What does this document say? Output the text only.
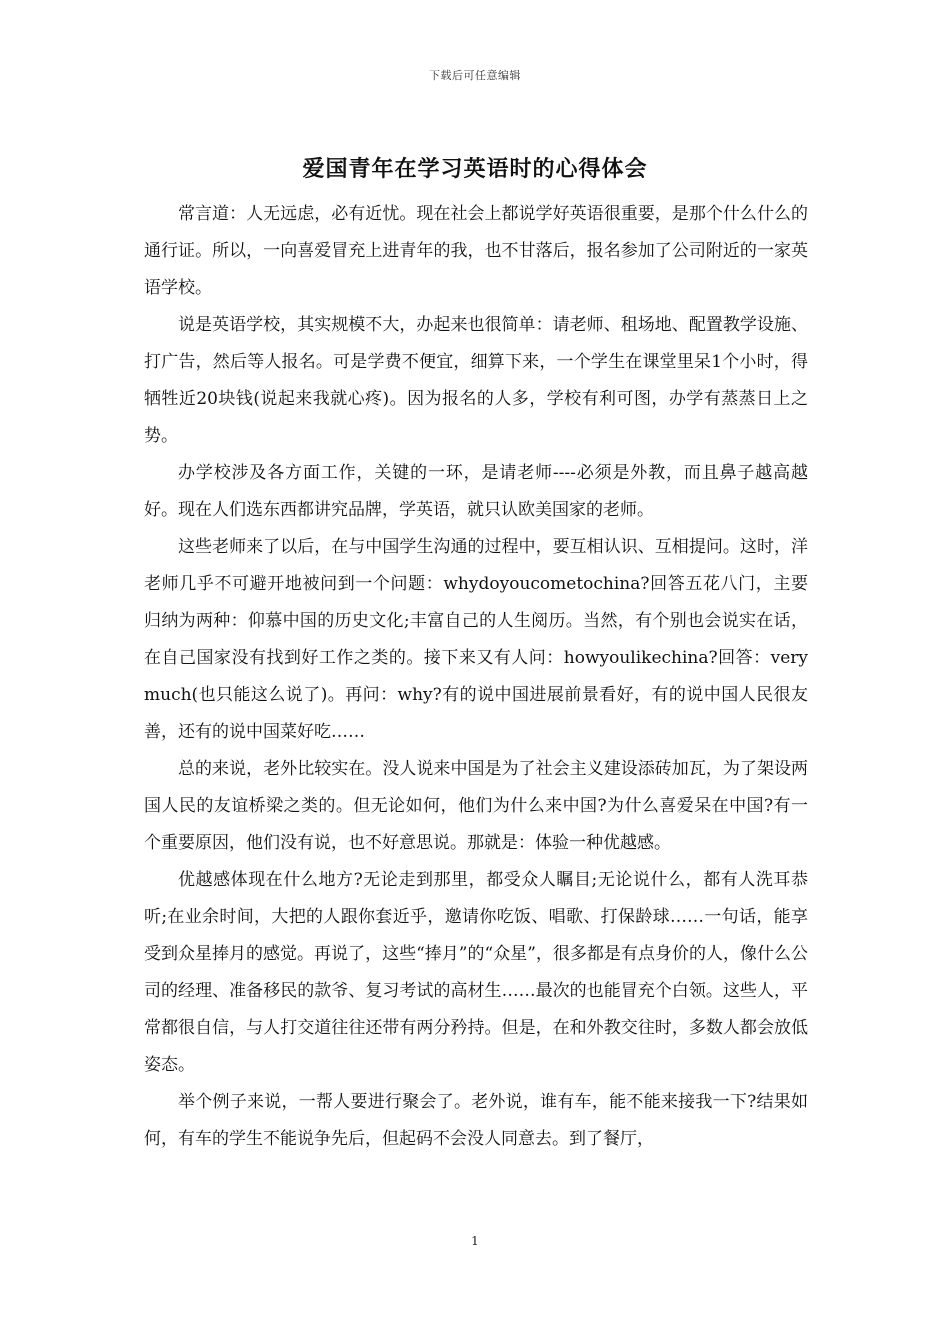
下载后可任意编辑
爱国青年在学习英语时的心得体会

常言道：人无远虑，必有近忧。现在社会上都说学好英语很重要，是那个什么什么的通行证。所以，一向喜爱冒充上进青年的我，也不甘落后，报名参加了公司附近的一家英语学校。

说是英语学校，其实规模不大，办起来也很简单：请老师、租场地、配置教学设施、打广告，然后等人报名。可是学费不便宜，细算下来，一个学生在课堂里呆1个小时，得牺牲近20块钱(说起来我就心疼)。因为报名的人多，学校有利可图，办学有蒸蒸日上之势。

办学校涉及各方面工作，关键的一环，是请老师----必须是外教，而且鼻子越高越好。现在人们选东西都讲究品牌，学英语，就只认欧美国家的老师。

这些老师来了以后，在与中国学生沟通的过程中，要互相认识、互相提问。这时，洋老师几乎不可避开地被问到一个问题：whydoyoucometochina?回答五花八门，主要归纳为两种：仰慕中国的历史文化;丰富自己的人生阅历。当然，有个别也会说实在话，在自己国家没有找到好工作之类的。接下来又有人问：howyoulikechina?回答：verymuch(也只能这么说了)。再问：why?有的说中国进展前景看好，有的说中国人民很友善，还有的说中国菜好吃……

总的来说，老外比较实在。没人说来中国是为了社会主义建设添砖加瓦，为了架设两国人民的友谊桥梁之类的。但无论如何，他们为什么来中国?为什么喜爱呆在中国?有一个重要原因，他们没有说，也不好意思说。那就是：体验一种优越感。

优越感体现在什么地方?无论走到那里，都受众人瞩目;无论说什么，都有人洗耳恭听;在业余时间，大把的人跟你套近乎，邀请你吃饭、唱歌、打保龄球……一句话，能享受到众星捧月的感觉。再说了，这些“捧月”的“众星”，很多都是有点身价的人，像什么公司的经理、准备移民的款爷、复习考试的高材生……最次的也能冒充个白领。这些人，平常都很自信，与人打交道往往还带有两分矜持。但是，在和外教交往时，多数人都会放低姿态。

举个例子来说，一帮人要进行聚会了。老外说，谁有车，能不能来接我一下?结果如何，有车的学生不能说争先后，但起码不会没人同意去。到了餐厅，

1
